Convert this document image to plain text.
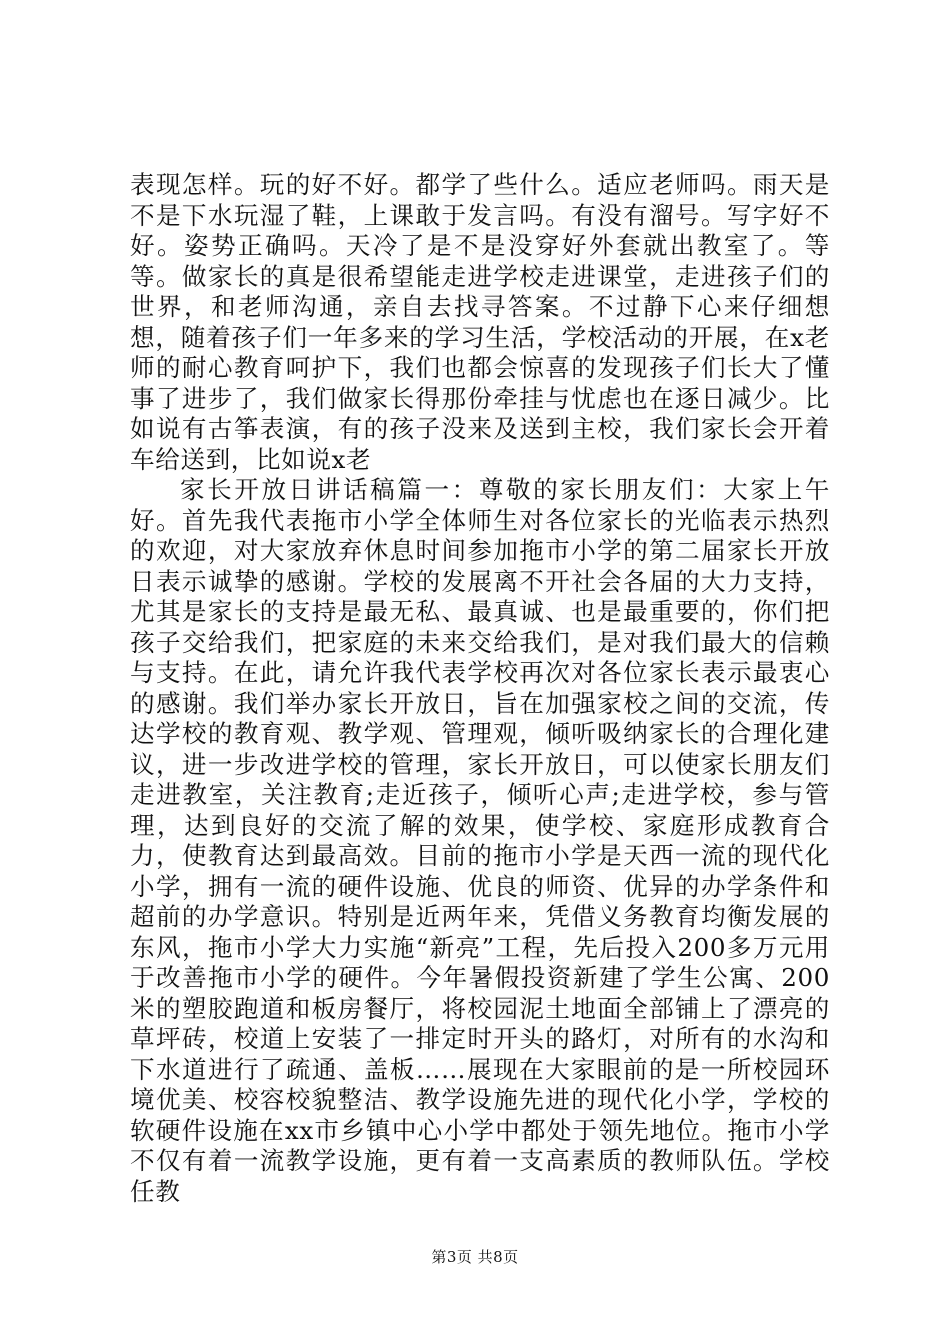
表现怎样。玩的好不好。都学了些什么。适应老师吗。雨天是不是下水玩湿了鞋，上课敢于发言吗。有没有溜号。写字好不好。姿势正确吗。天冷了是不是没穿好外套就出教室了。等等。做家长的真是很希望能走进学校走进课堂，走进孩子们的世界，和老师沟通，亲自去找寻答案。不过静下心来仔细想想，随着孩子们一年多来的学习生活，学校活动的开展，在x老师的耐心教育呵护下，我们也都会惊喜的发现孩子们长大了懂事了进步了，我们做家长得那份牵挂与忧虑也在逐日减少。比如说有古筝表演，有的孩子没来及送到主校，我们家长会开着车给送到，比如说x老

家长开放日讲话稿篇一：尊敬的家长朋友们：大家上午好。首先我代表拖市小学全体师生对各位家长的光临表示热烈的欢迎，对大家放弃休息时间参加拖市小学的第二届家长开放日表示诚挚的感谢。学校的发展离不开社会各届的大力支持，尤其是家长的支持是最无私、最真诚、也是最重要的，你们把孩子交给我们，把家庭的未来交给我们，是对我们最大的信赖与支持。在此，请允许我代表学校再次对各位家长表示最衷心的感谢。我们举办家长开放日，旨在加强家校之间的交流，传达学校的教育观、教学观、管理观，倾听吸纳家长的合理化建议，进一步改进学校的管理，家长开放日，可以使家长朋友们走进教室，关注教育;走近孩子，倾听心声;走进学校，参与管理，达到良好的交流了解的效果，使学校、家庭形成教育合力，使教育达到最高效。目前的拖市小学是天西一流的现代化小学，拥有一流的硬件设施、优良的师资、优异的办学条件和超前的办学意识。特别是近两年来，凭借义务教育均衡发展的东风，拖市小学大力实施“新亮”工程，先后投入200多万元用于改善拖市小学的硬件。今年暑假投资新建了学生公寓、200米的塑胶跑道和板房餐厅，将校园泥土地面全部铺上了漂亮的草坪砖，校道上安装了一排定时开头的路灯，对所有的水沟和下水道进行了疏通、盖板……展现在大家眼前的是一所校园环境优美、校容校貌整洁、教学设施先进的现代化小学，学校的软硬件设施在xx市乡镇中心小学中都处于领先地位。拖市小学不仅有着一流教学设施，更有着一支高素质的教师队伍。学校任教

第3页 共8页
